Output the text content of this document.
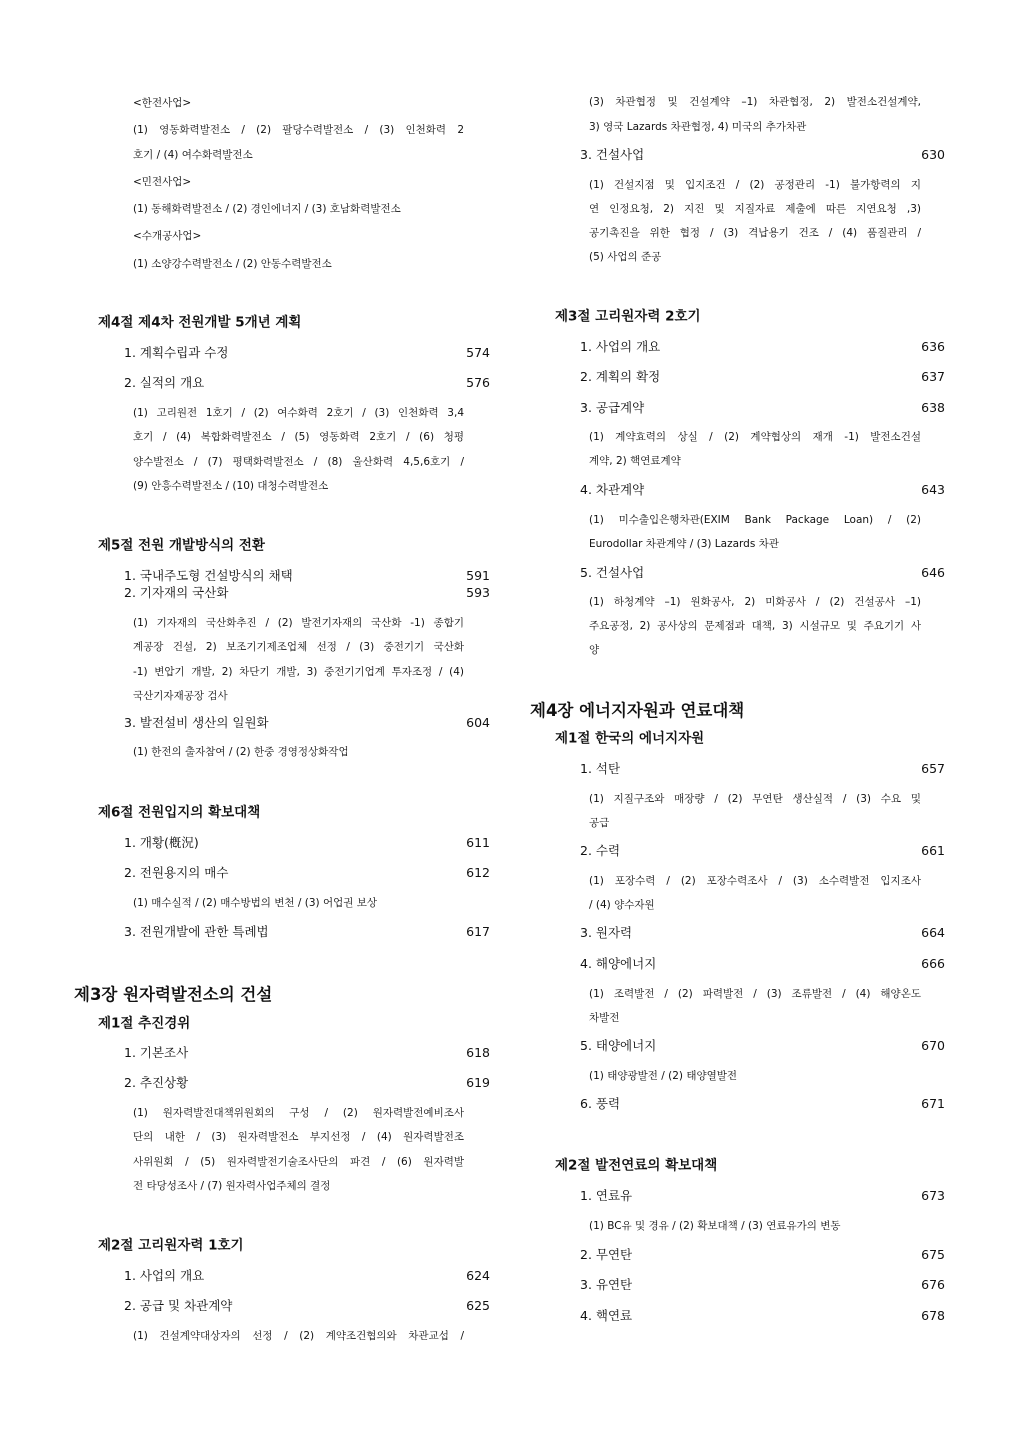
<한전사업>
(1) 영동화력발전소 / (2) 팔당수력발전소 / (3) 인천화력 2
호기 / (4) 여수화력발전소
<민전사업>
(1) 동해화력발전소 / (2) 경인에너지 / (3) 호남화력발전소
<수개공사업>
(1) 소양강수력발전소 / (2) 안동수력발전소
제4절 제4차 전원개발 5개년 계획
1. 계획수립과 수정	574
2. 실적의 개요	576
(1) 고리원전 1호기 / (2) 여수화력 2호기 / (3) 인천화력 3,4
호기 / (4) 복합화력발전소 / (5) 영동화력 2호기 / (6) 청평
양수발전소 / (7) 평택화력발전소 / (8) 울산화력 4,5,6호기 /
(9) 안흥수력발전소 / (10) 대청수력발전소
제5절 전원 개발방식의 전환
1. 국내주도형 건설방식의 채택	591
2. 기자재의 국산화	593
(1) 기자재의 국산화추진 / (2) 발전기자재의 국산화 -1) 종합기
계공장 건설, 2) 보조기기제조업체 선정 / (3) 중전기기 국산화
-1) 변압기 개발, 2) 차단기 개발, 3) 중전기기업계 투자조정 / (4)
국산기자재공장 검사
3. 발전설비 생산의 일원화	604
(1) 한전의 출자참여 / (2) 한중 경영정상화작업
제6절 전원입지의 확보대책
1. 개황(槪況)	611
2. 전원용지의 매수	612
(1) 매수실적 / (2) 매수방법의 변천 / (3) 어업권 보상
3. 전원개발에 관한 특례법	617
제3장 원자력발전소의 건설
제1절 추진경위
1. 기본조사	618
2. 추진상황	619
(1) 원자력발전대책위원회의 구성 / (2) 원자력발전예비조사
단의 내한 / (3) 원자력발전소 부지선정 / (4) 원자력발전조
사위원회 / (5) 원자력발전기술조사단의 파견 / (6) 원자력발
전 타당성조사 / (7) 원자력사업주체의 결정
제2절 고리원자력 1호기
1. 사업의 개요	624
2. 공급 및 차관계약	625
(1) 건설계약대상자의 선정 / (2) 계약조건협의와 차관교섭 /
(3) 차관협정 및 건설계약 –1) 차관협정, 2) 발전소건설계약,
3) 영국 Lazards 차관협정, 4) 미국의 추가차관
3. 건설사업	630
(1) 건설지점 및 입지조건 / (2) 공정관리 -1) 불가항력의 지
연 인정요청, 2) 지진 및 지질자료 제출에 따른 지연요청 ,3)
공기촉진을 위한 협정 / (3) 격납용기 건조 / (4) 품질관리 /
(5) 사업의 준공
제3절 고리원자력 2호기
1. 사업의 개요	636
2. 계획의 확정	637
3. 공급계약	638
(1) 계약효력의 상실 / (2) 계약협상의 재개 -1) 발전소건설
계약, 2) 핵연료계약
4. 차관계약	643
(1) 미수출입은행차관(EXIM Bank Package Loan) / (2)
Eurodollar 차관계약 / (3) Lazards 차관
5. 건설사업	646
(1) 하청계약 –1) 원화공사, 2) 미화공사 / (2) 건설공사 –1)
주요공정, 2) 공사상의 문제점과 대책, 3) 시설규모 및 주요기기 사
양
제4장 에너지자원과 연료대책
제1절 한국의 에너지자원
1. 석탄	657
(1) 지질구조와 매장량 / (2) 무연탄 생산실적 / (3) 수요 및
공급
2. 수력	661
(1) 포장수력 / (2) 포장수력조사 / (3) 소수력발전 입지조사
/ (4) 양수자원
3. 원자력	664
4. 해양에너지	666
(1) 조력발전 / (2) 파력발전 / (3) 조류발전 / (4) 해양온도
차발전
5. 태양에너지	670
(1) 태양광발전 / (2) 태양열발전
6. 풍력	671
제2절 발전연료의 확보대책
1. 연료유	673
(1) BC유 및 경유 / (2) 확보대책 / (3) 연료유가의 변동
2. 무연탄	675
3. 유연탄	676
4. 핵연료	678
